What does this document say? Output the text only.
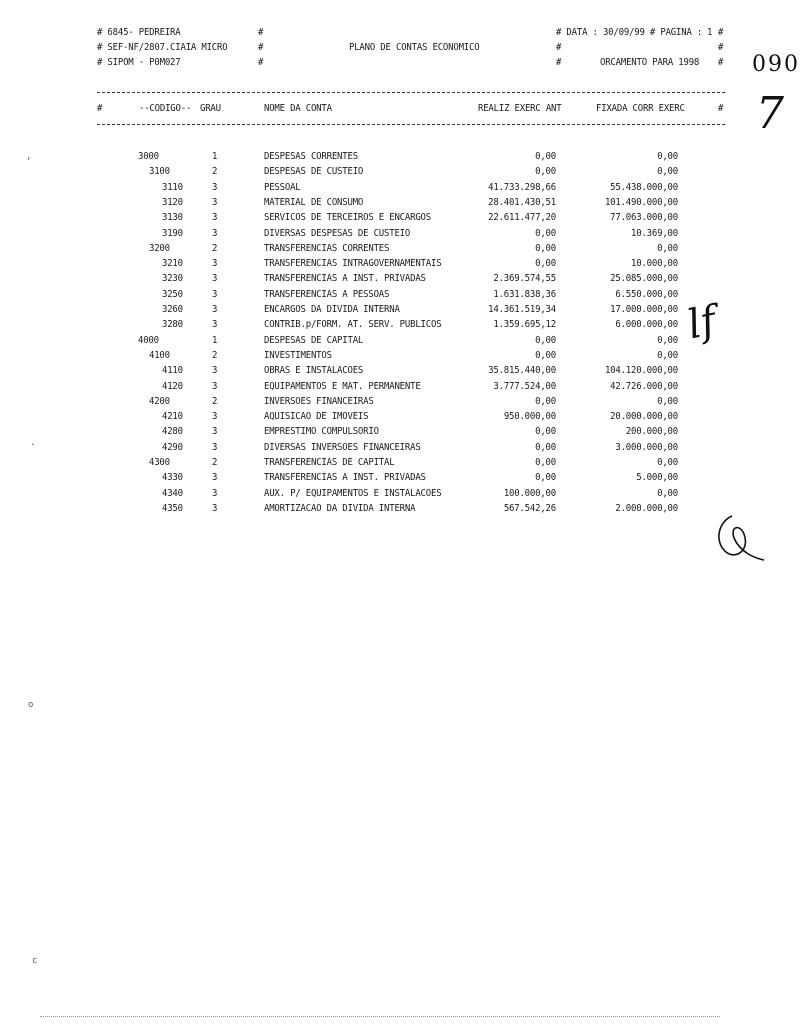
# 6845- PEDREIRA
# SEF-NF/2807.CIAIA MICRO
# SIPOM - P0M027
#
#
#
PLANO DE CONTAS ECONOMICO
# DATA : 30/09/99 # PAGINA : 1 #
#	#
#	ORCAMENTO PARA 1998 # 090
7
lf
#	--CODIGO-- GRAU	NOME DA CONTA	REALIZ EXERC ANT	FIXADA CORR EXERC	#
3000	1	DESPESAS CORRENTES	0,00	0,00
3100	2	DESPESAS DE CUSTEIO	0,00	0,00
3110	3	PESSOAL	41.733.298,66	55.438.000,00
3120	3	MATERIAL DE CONSUMO	28.401.430,51	101.490.000,00
3130	3	SERVICOS DE TERCEIROS E ENCARGOS	22.611.477,20	77.063.000,00
3190	3	DIVERSAS DESPESAS DE CUSTEIO	0,00	10.369,00
3200	2	TRANSFERENCIAS CORRENTES	0,00	0,00
3210	3	TRANSFERENCIAS INTRAGOVERNAMENTAIS	0,00	10.000,00
3230	3	TRANSFERENCIAS A INST. PRIVADAS	2.369.574,55	25.085.000,00
3250	3	TRANSFERENCIAS A PESSOAS	1.631.838,36	6.550.000,00
3260	3	ENCARGOS DA DIVIDA INTERNA	14.361.519,34	17.000.000,00
3280	3	CONTRIB.p/FORM. AT. SERV. PUBLICOS	1.359.695,12	6.000.000,00
4000	1	DESPESAS DE CAPITAL	0,00	0,00
4100	2	INVESTIMENTOS	0,00	0,00
4110	3	OBRAS E INSTALACOES	35.815.440,00	104.120.000,00
4120	3	EQUIPAMENTOS E MAT. PERMANENTE	3.777.524,00	42.726.000,00
4200	2	INVERSOES FINANCEIRAS	0,00	0,00
4210	3	AQUISICAO DE IMOVEIS	950.000,00	20.000.000,00
4280	3	EMPRESTIMO COMPULSORIO	0,00	200.000,00
4290	3	DIVERSAS INVERSOES FINANCEIRAS	0,00	3.000.000,00
4300	2	TRANSFERENCIAS DE CAPITAL	0,00	0,00
4330	3	TRANSFERENCIAS A INST. PRIVADAS	0,00	5.000,00
4340	3	AUX. P/ EQUIPAMENTOS E INSTALACOES	100.000,00	0,00
4350	3	AMORTIZACAO DA DIVIDA INTERNA	567.542,26	2.000.000,00
,
.
o
c
